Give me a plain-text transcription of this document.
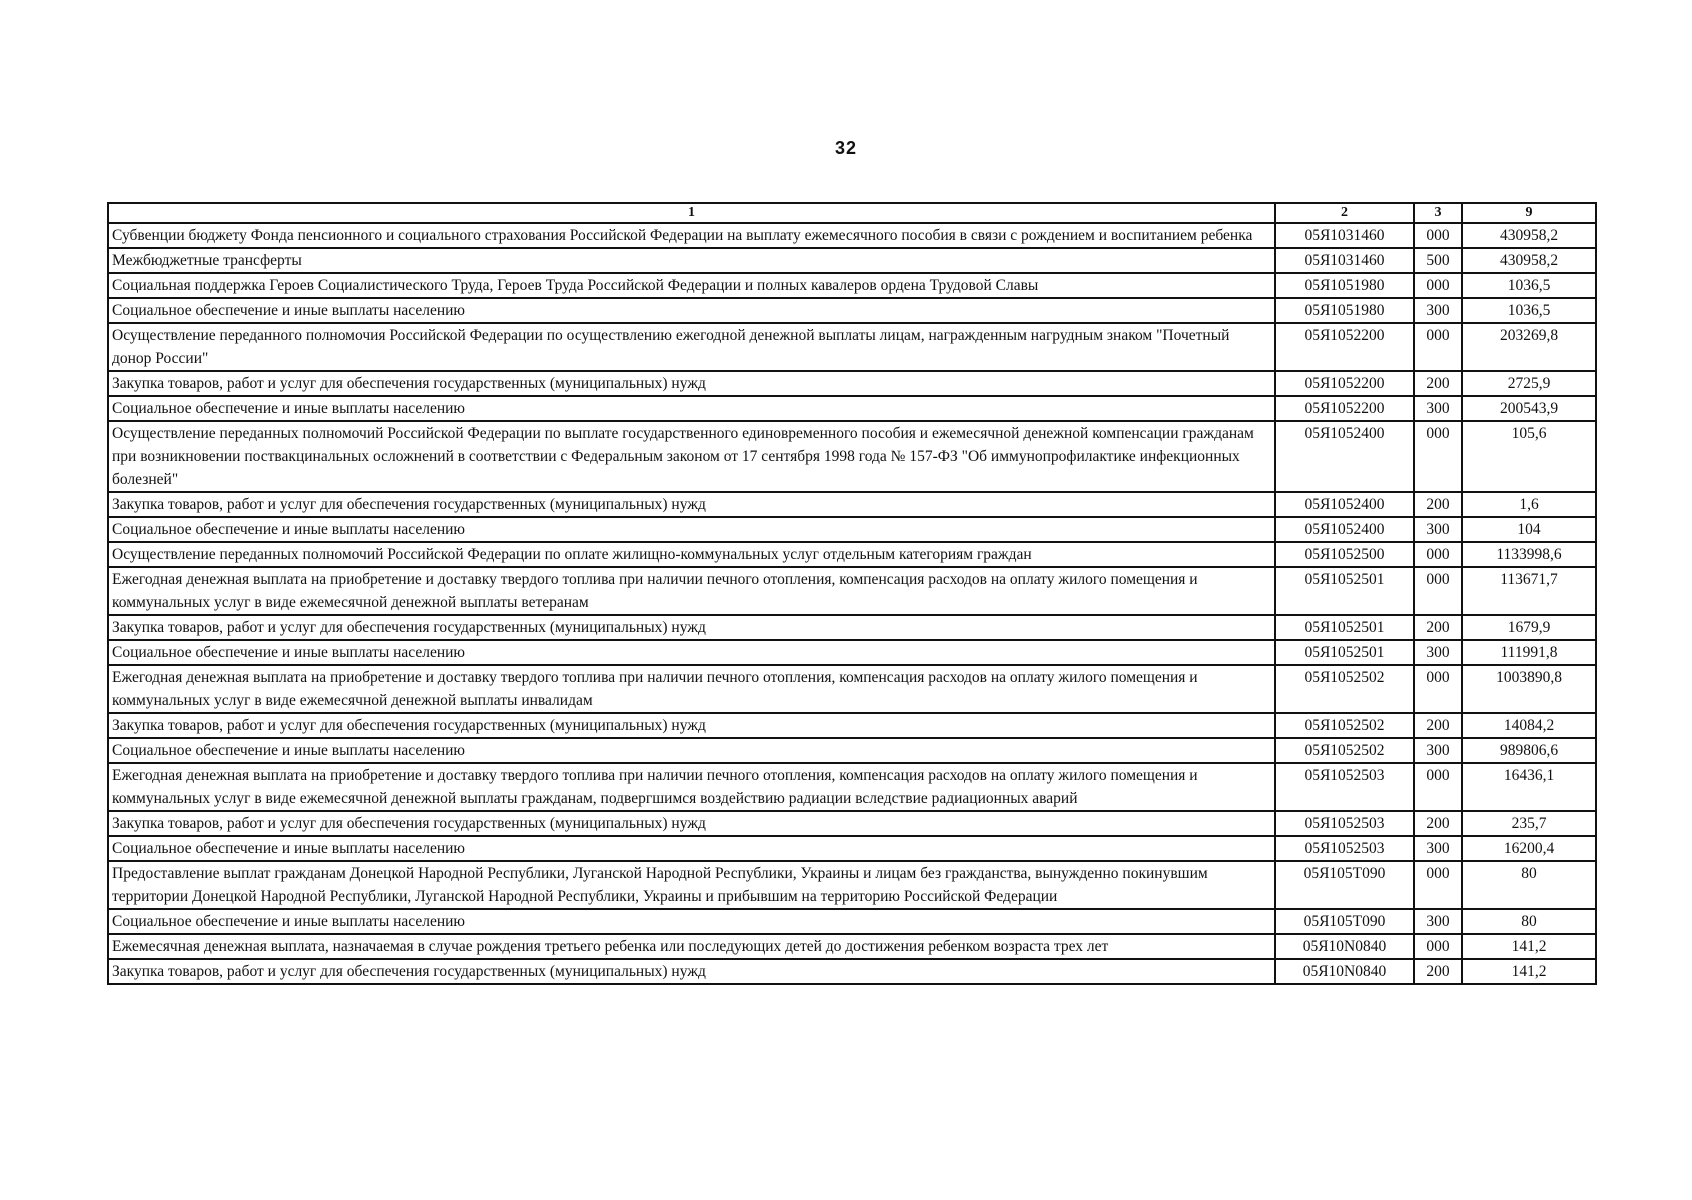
32
1	2	3	9
Субвенции бюджету Фонда пенсионного и социального страхования Российской Федерации на выплату ежемесячного пособия в связи с рождением и воспитанием ребенка	05Я1031460	000	430958,2
Межбюджетные трансферты	05Я1031460	500	430958,2
Социальная поддержка Героев Социалистического Труда, Героев Труда Российской Федерации и полных кавалеров ордена Трудовой Славы	05Я1051980	000	1036,5
Социальное обеспечение и иные выплаты населению	05Я1051980	300	1036,5
Осуществление переданного полномочия Российской Федерации по осуществлению ежегодной денежной выплаты лицам, награжденным нагрудным знаком "Почетный донор России"	05Я1052200	000	203269,8
Закупка товаров, работ и услуг для обеспечения государственных (муниципальных) нужд	05Я1052200	200	2725,9
Социальное обеспечение и иные выплаты населению	05Я1052200	300	200543,9
Осуществление переданных полномочий Российской Федерации по выплате государственного единовременного пособия и ежемесячной денежной компенсации гражданам при возникновении поствакцинальных осложнений в соответствии с Федеральным законом от 17 сентября 1998 года № 157-ФЗ "Об иммунопрофилактике инфекционных болезней"	05Я1052400	000	105,6
Закупка товаров, работ и услуг для обеспечения государственных (муниципальных) нужд	05Я1052400	200	1,6
Социальное обеспечение и иные выплаты населению	05Я1052400	300	104
Осуществление переданных полномочий Российской Федерации по оплате жилищно-коммунальных услуг отдельным категориям граждан	05Я1052500	000	1133998,6
Ежегодная денежная выплата на приобретение и доставку твердого топлива при наличии печного отопления, компенсация расходов на оплату жилого помещения и коммунальных услуг в виде ежемесячной денежной выплаты ветеранам	05Я1052501	000	113671,7
Закупка товаров, работ и услуг для обеспечения государственных (муниципальных) нужд	05Я1052501	200	1679,9
Социальное обеспечение и иные выплаты населению	05Я1052501	300	111991,8
Ежегодная денежная выплата на приобретение и доставку твердого топлива при наличии печного отопления, компенсация расходов на оплату жилого помещения и коммунальных услуг в виде ежемесячной денежной выплаты инвалидам	05Я1052502	000	1003890,8
Закупка товаров, работ и услуг для обеспечения государственных (муниципальных) нужд	05Я1052502	200	14084,2
Социальное обеспечение и иные выплаты населению	05Я1052502	300	989806,6
Ежегодная денежная выплата на приобретение и доставку твердого топлива при наличии печного отопления, компенсация расходов на оплату жилого помещения и коммунальных услуг в виде ежемесячной денежной выплаты гражданам, подвергшимся воздействию радиации вследствие радиационных аварий	05Я1052503	000	16436,1
Закупка товаров, работ и услуг для обеспечения государственных (муниципальных) нужд	05Я1052503	200	235,7
Социальное обеспечение и иные выплаты населению	05Я1052503	300	16200,4
Предоставление выплат гражданам Донецкой Народной Республики, Луганской Народной Республики, Украины и лицам без гражданства, вынужденно покинувшим территории Донецкой Народной Республики, Луганской Народной Республики, Украины и прибывшим на территорию Российской Федерации	05Я105Т090	000	80
Социальное обеспечение и иные выплаты населению	05Я105Т090	300	80
Ежемесячная денежная выплата, назначаемая в случае рождения третьего ребенка или последующих детей до достижения ребенком возраста трех лет	05Я10N0840	000	141,2
Закупка товаров, работ и услуг для обеспечения государственных (муниципальных) нужд	05Я10N0840	200	141,2
